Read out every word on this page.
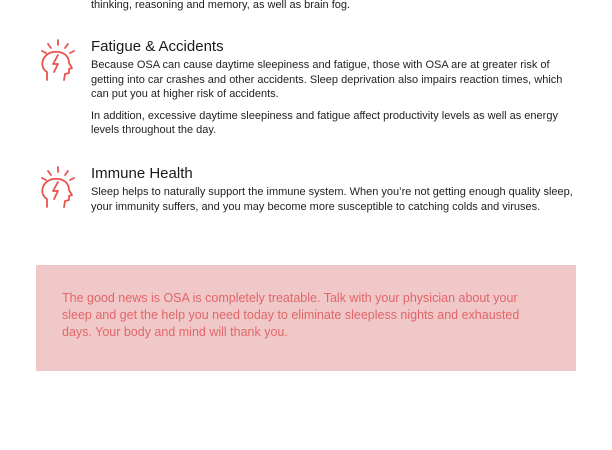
thinking, reasoning and memory, as well as brain fog.
Fatigue & Accidents

Because OSA can cause daytime sleepiness and fatigue, those with OSA are at greater risk of getting into car crashes and other accidents. Sleep deprivation also impairs reaction times, which can put you at higher risk of accidents.

In addition, excessive daytime sleepiness and fatigue affect productivity levels as well as energy levels throughout the day.

Immune Health

Sleep helps to naturally support the immune system. When you’re not getting enough quality sleep, your immunity suffers, and you may become more susceptible to catching colds and viruses.

The good news is OSA is completely treatable. Talk with your physician about your sleep and get the help you need today to eliminate sleepless nights and exhausted days. Your body and mind will thank you.
